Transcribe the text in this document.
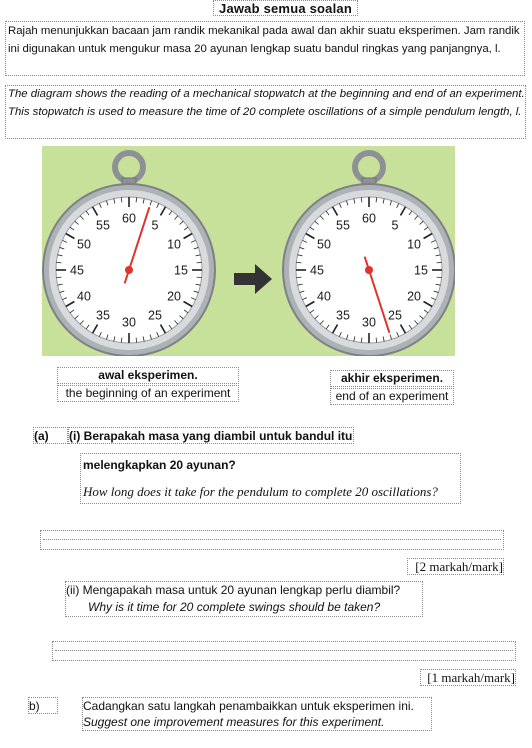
Jawab semua soalan
Rajah menunjukkan bacaan jam randik mekanikal pada awal dan akhir suatu eksperimen. Jam randik ini digunakan untuk mengukur masa 20 ayunan lengkap suatu bandul ringkas yang panjangnya, l.
The diagram shows the reading of a mechanical stopwatch at the beginning and end of an experiment. This stopwatch is used to measure the time of 20 complete oscillations of a simple pendulum length, l.
60 5
10
15
20
25
30
35
40
45
50
55	60 5
10
15
20
25
30
35
40
45
50
55
awal eksperimen.
the beginning of an experiment
akhir eksperimen.
end of an experiment
(a)	(i) Berapakah masa yang diambil untuk bandul itu
melengkapkan 20 ayunan?
How long does it take for the pendulum to complete 20 oscillations?
[2 markah/mark]
(ii) Mengapakah masa untuk 20 ayunan lengkap perlu diambil?
Why is it time for 20 complete swings should be taken?
[1 markah/mark]
b)	Cadangkan satu langkah penambaikkan untuk eksperimen ini.
Suggest one improvement measures for this experiment.
